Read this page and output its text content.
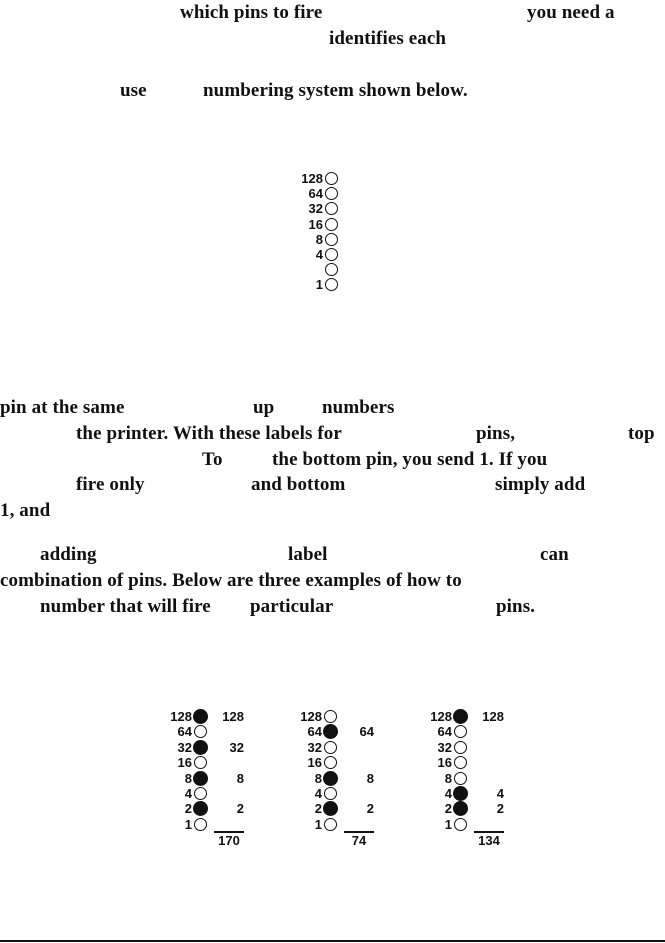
which pins to fire	you need a
identifies each
use	numbering system shown below.
128
64
32
16
8
4
1
pin at the same	up	numbers
the printer. With these labels for	pins,	top
To	the bottom pin, you send 1. If you
fire only	and bottom	simply add
1, and
adding	label	can
combination of pins. Below are three examples of how to
number that will fire particular	pins.
128	128
64
32	32
16
8	8
4
2	2
1
170
128
64	64
32
16
8	8
4
2	2
1
74
128	128
64
32
16
8
4	4
2	2
1
134
